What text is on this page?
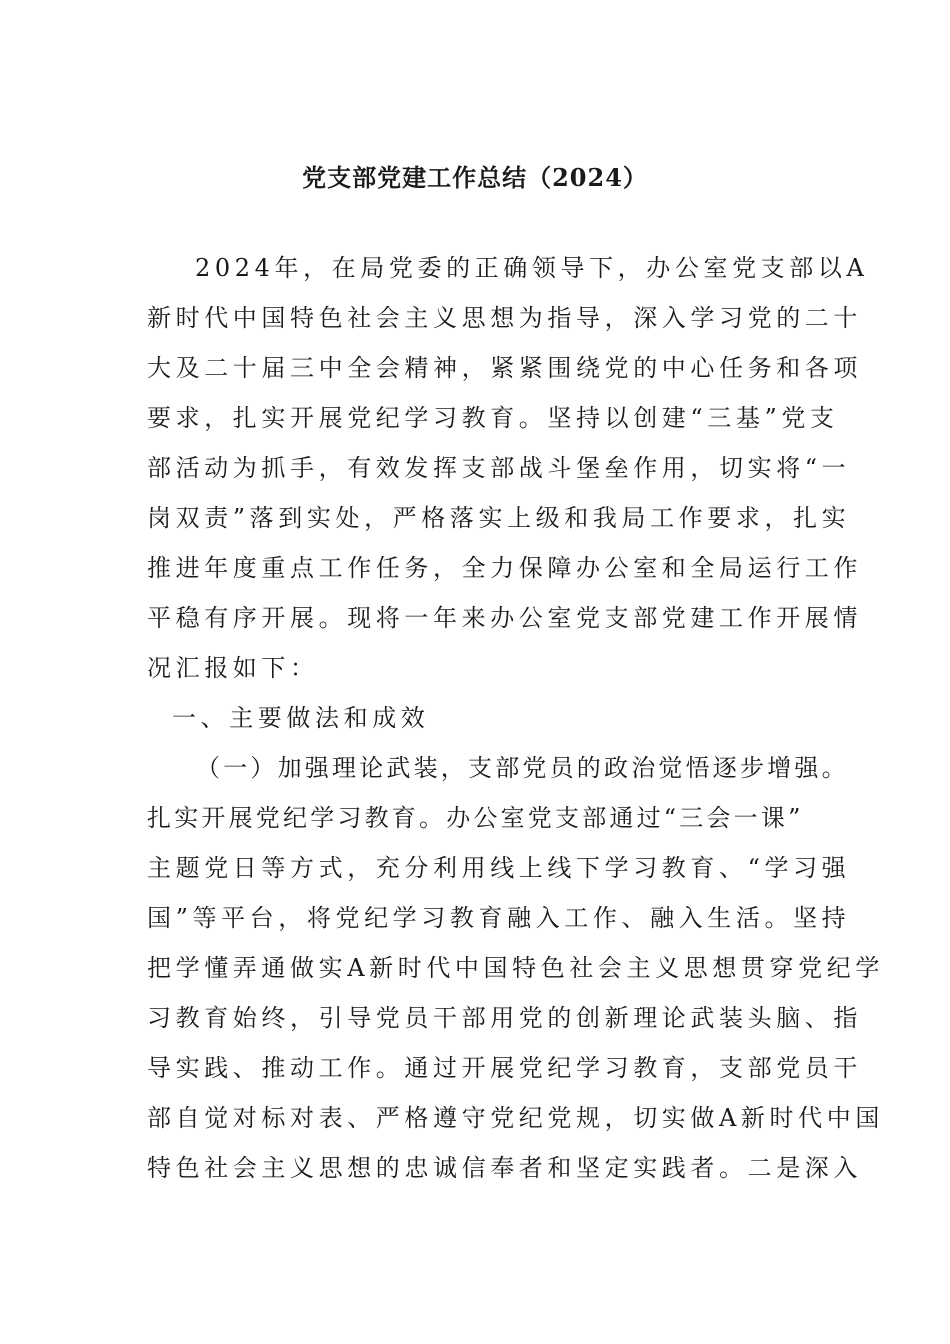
党支部党建工作总结（2024）
2024年，在局党委的正确领导下，办公室党支部以A
新时代中国特色社会主义思想为指导，深入学习党的二十
大及二十届三中全会精神，紧紧围绕党的中心任务和各项
要求，扎实开展党纪学习教育。坚持以创建“三基”党支
部活动为抓手，有效发挥支部战斗堡垒作用，切实将“一
岗双责”落到实处，严格落实上级和我局工作要求，扎实
推进年度重点工作任务，全力保障办公室和全局运行工作
平稳有序开展。现将一年来办公室党支部党建工作开展情
况汇报如下：
一、主要做法和成效
（一）加强理论武装，支部党员的政治觉悟逐步增强。
扎实开展党纪学习教育。办公室党支部通过“三会一课”
主题党日等方式，充分利用线上线下学习教育、“学习强
国”等平台，将党纪学习教育融入工作、融入生活。坚持
把学懂弄通做实A新时代中国特色社会主义思想贯穿党纪学
习教育始终，引导党员干部用党的创新理论武装头脑、指
导实践、推动工作。通过开展党纪学习教育，支部党员干
部自觉对标对表、严格遵守党纪党规，切实做A新时代中国
特色社会主义思想的忠诚信奉者和坚定实践者。二是深入
